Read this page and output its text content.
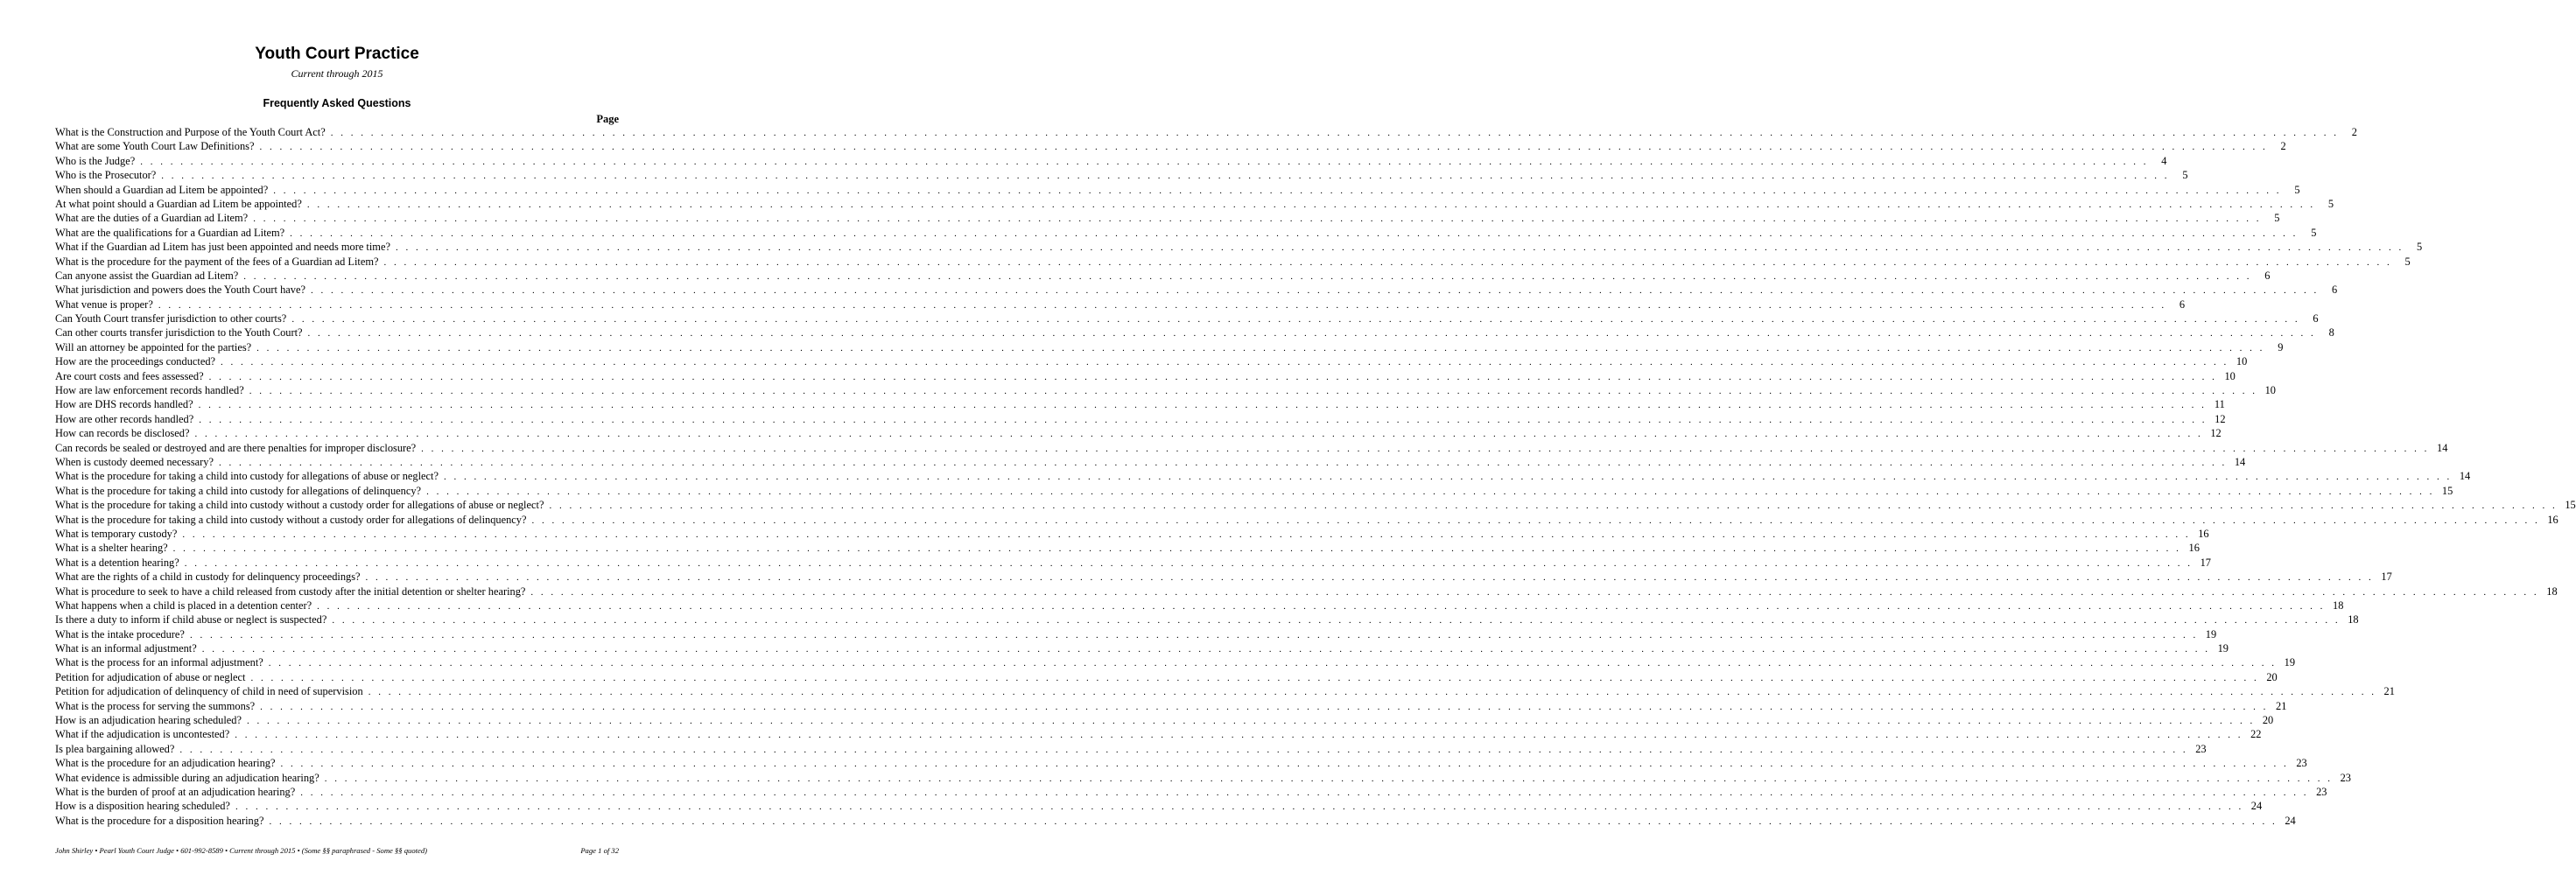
Youth Court Practice
Current through 2015
Frequently Asked Questions
Page
What is the Construction and Purpose of the Youth Court Act? . . . . . . . . . . . . . . . . . . . . . . . . . . . . . . . . . . . . . . . . . . . . . . . . . . . . . . . . . . . . . . . . . . . . . . . . . . . . . . . . . . . . . . . . . . . . . . . . . . . . . . . . . . . . . . . . . . . . . . . . . . . . . . . . . . . . . . . . . . . . . . . . . . . . . . . . . . . . . . . . . . . . . . . . . . . . . . . . . . . . . . . . . . . . . . . . . . . . . . . .	2
What are some Youth Court Law Definitions? . . . . . . . . . . . . . . . . . . . . . . . . . . . . . . . . . . . . . . . . . . . . . . . . . . . . . . . . . . . . . . . . . . . . . . . . . . . . . . . . . . . . . . . . . . . . . . . . . . . . . . . . . . . . . . . . . . . . . . . . . . . . . . . . . . . . . . . . . . . . . . . . . . . . . . . . . . . . . . . . . . . . . . . . . . . . . . . . . . . . . . . . . . . . . . . . . . . . . . . .	2
Who is the Judge? . . . . . . . . . . . . . . . . . . . . . . . . . . . . . . . . . . . . . . . . . . . . . . . . . . . . . . . . . . . . . . . . . . . . . . . . . . . . . . . . . . . . . . . . . . . . . . . . . . . . . . . . . . . . . . . . . . . . . . . . . . . . . . . . . . . . . . . . . . . . . . . . . . . . . . . . . . . . . . . . . . . . . . . . . . . . . . . . . . . . . . . . . . . . . . . . . . . . . . . .	4
Who is the Prosecutor? . . . . . . . . . . . . . . . . . . . . . . . . . . . . . . . . . . . . . . . . . . . . . . . . . . . . . . . . . . . . . . . . . . . . . . . . . . . . . . . . . . . . . . . . . . . . . . . . . . . . . . . . . . . . . . . . . . . . . . . . . . . . . . . . . . . . . . . . . . . . . . . . . . . . . . . . . . . . . . . . . . . . . . . . . . . . . . . . . . . . . . . . . . . . . . . . . . . . . . . .	5
When should a Guardian ad Litem be appointed? . . . . . . . . . . . . . . . . . . . . . . . . . . . . . . . . . . . . . . . . . . . . . . . . . . . . . . . . . . . . . . . . . . . . . . . . . . . . . . . . . . . . . . . . . . . . . . . . . . . . . . . . . . . . . . . . . . . . . . . . . . . . . . . . . . . . . . . . . . . . . . . . . . . . . . . . . . . . . . . . . . . . . . . . . . . . . . . . . . . . . . . . . . . . . . . . . . . . . . . .	5
At what point should a Guardian ad Litem be appointed? . . . . . . . . . . . . . . . . . . . . . . . . . . . . . . . . . . . . . . . . . . . . . . . . . . . . . . . . . . . . . . . . . . . . . . . . . . . . . . . . . . . . . . . . . . . . . . . . . . . . . . . . . . . . . . . . . . . . . . . . . . . . . . . . . . . . . . . . . . . . . . . . . . . . . . . . . . . . . . . . . . . . . . . . . . . . . . . . . . . . . . . . . . . . . . . . . . . . . . . .	5
What are the duties of a Guardian ad Litem? . . . . . . . . . . . . . . . . . . . . . . . . . . . . . . . . . . . . . . . . . . . . . . . . . . . . . . . . . . . . . . . . . . . . . . . . . . . . . . . . . . . . . . . . . . . . . . . . . . . . . . . . . . . . . . . . . . . . . . . . . . . . . . . . . . . . . . . . . . . . . . . . . . . . . . . . . . . . . . . . . . . . . . . . . . . . . . . . . . . . . . . . . . . . . . . . . . . . . . . .	5
What are the qualifications for a Guardian ad Litem? . . . . . . . . . . . . . . . . . . . . . . . . . . . . . . . . . . . . . . . . . . . . . . . . . . . . . . . . . . . . . . . . . . . . . . . . . . . . . . . . . . . . . . . . . . . . . . . . . . . . . . . . . . . . . . . . . . . . . . . . . . . . . . . . . . . . . . . . . . . . . . . . . . . . . . . . . . . . . . . . . . . . . . . . . . . . . . . . . . . . . . . . . . . . . . . . . . . . . . . .	5
What if the Guardian ad Litem has just been appointed and needs more time? . . . . . . . . . . . . . . . . . . . . . . . . . . . . . . . . . . . . . . . . . . . . . . . . . . . . . . . . . . . . . . . . . . . . . . . . . . . . . . . . . . . . . . . . . . . . . . . . . . . . . . . . . . . . . . . . . . . . . . . . . . . . . . . . . . . . . . . . . . . . . . . . . . . . . . . . . . . . . . . . . . . . . . . . . . . . . . . . . . . . . . . . . . . . . . . . . . . . . . . .	5
What is the procedure for the payment of the fees of a Guardian ad Litem? . . . . . . . . . . . . . . . . . . . . . . . . . . . . . . . . . . . . . . . . . . . . . . . . . . . . . . . . . . . . . . . . . . . . . . . . . . . . . . . . . . . . . . . . . . . . . . . . . . . . . . . . . . . . . . . . . . . . . . . . . . . . . . . . . . . . . . . . . . . . . . . . . . . . . . . . . . . . . . . . . . . . . . . . . . . . . . . . . . . . . . . . . . . . . . . . . . . . . . . .	5
Can anyone assist the Guardian ad Litem? . . . . . . . . . . . . . . . . . . . . . . . . . . . . . . . . . . . . . . . . . . . . . . . . . . . . . . . . . . . . . . . . . . . . . . . . . . . . . . . . . . . . . . . . . . . . . . . . . . . . . . . . . . . . . . . . . . . . . . . . . . . . . . . . . . . . . . . . . . . . . . . . . . . . . . . . . . . . . . . . . . . . . . . . . . . . . . . . . . . . . . . . . . . . . . . . . . . . . . . .	6
What jurisdiction and powers does the Youth Court have? . . . . . . . . . . . . . . . . . . . . . . . . . . . . . . . . . . . . . . . . . . . . . . . . . . . . . . . . . . . . . . . . . . . . . . . . . . . . . . . . . . . . . . . . . . . . . . . . . . . . . . . . . . . . . . . . . . . . . . . . . . . . . . . . . . . . . . . . . . . . . . . . . . . . . . . . . . . . . . . . . . . . . . . . . . . . . . . . . . . . . . . . . . . . . . . . . . . . . . . .	6
What venue is proper? . . . . . . . . . . . . . . . . . . . . . . . . . . . . . . . . . . . . . . . . . . . . . . . . . . . . . . . . . . . . . . . . . . . . . . . . . . . . . . . . . . . . . . . . . . . . . . . . . . . . . . . . . . . . . . . . . . . . . . . . . . . . . . . . . . . . . . . . . . . . . . . . . . . . . . . . . . . . . . . . . . . . . . . . . . . . . . . . . . . . . . . . . . . . . . . . . . . . . . . .	6
Can Youth Court transfer jurisdiction to other courts? . . . . . . . . . . . . . . . . . . . . . . . . . . . . . . . . . . . . . . . . . . . . . . . . . . . . . . . . . . . . . . . . . . . . . . . . . . . . . . . . . . . . . . . . . . . . . . . . . . . . . . . . . . . . . . . . . . . . . . . . . . . . . . . . . . . . . . . . . . . . . . . . . . . . . . . . . . . . . . . . . . . . . . . . . . . . . . . . . . . . . . . . . . . . . . . . . . . . . . . .	6
Can other courts transfer jurisdiction to the Youth Court? . . . . . . . . . . . . . . . . . . . . . . . . . . . . . . . . . . . . . . . . . . . . . . . . . . . . . . . . . . . . . . . . . . . . . . . . . . . . . . . . . . . . . . . . . . . . . . . . . . . . . . . . . . . . . . . . . . . . . . . . . . . . . . . . . . . . . . . . . . . . . . . . . . . . . . . . . . . . . . . . . . . . . . . . . . . . . . . . . . . . . . . . . . . . . . . . . . . . . . . .	8
Will an attorney be appointed for the parties? . . . . . . . . . . . . . . . . . . . . . . . . . . . . . . . . . . . . . . . . . . . . . . . . . . . . . . . . . . . . . . . . . . . . . . . . . . . . . . . . . . . . . . . . . . . . . . . . . . . . . . . . . . . . . . . . . . . . . . . . . . . . . . . . . . . . . . . . . . . . . . . . . . . . . . . . . . . . . . . . . . . . . . . . . . . . . . . . . . . . . . . . . . . . . . . . . . . . . . . .	9
How are the proceedings conducted? . . . . . . . . . . . . . . . . . . . . . . . . . . . . . . . . . . . . . . . . . . . . . . . . . . . . . . . . . . . . . . . . . . . . . . . . . . . . . . . . . . . . . . . . . . . . . . . . . . . . . . . . . . . . . . . . . . . . . . . . . . . . . . . . . . . . . . . . . . . . . . . . . . . . . . . . . . . . . . . . . . . . . . . . . . . . . . . . . . . . . . . . . . . . . . . . . . . . . . . . 10
Are court costs and fees assessed? . . . . . . . . . . . . . . . . . . . . . . . . . . . . . . . . . . . . . . . . . . . . . . . . . . . . . . . . . . . . . . . . . . . . . . . . . . . . . . . . . . . . . . . . . . . . . . . . . . . . . . . . . . . . . . . . . . . . . . . . . . . . . . . . . . . . . . . . . . . . . . . . . . . . . . . . . . . . . . . . . . . . . . . . . . . . . . . . . . . . . . . . . . . . . . . . . . . . . . . . 10
How are law enforcement records handled? . . . . . . . . . . . . . . . . . . . . . . . . . . . . . . . . . . . . . . . . . . . . . . . . . . . . . . . . . . . . . . . . . . . . . . . . . . . . . . . . . . . . . . . . . . . . . . . . . . . . . . . . . . . . . . . . . . . . . . . . . . . . . . . . . . . . . . . . . . . . . . . . . . . . . . . . . . . . . . . . . . . . . . . . . . . . . . . . . . . . . . . . . . . . . . . . . . . . . . . . 10
How are DHS records handled? . . . . . . . . . . . . . . . . . . . . . . . . . . . . . . . . . . . . . . . . . . . . . . . . . . . . . . . . . . . . . . . . . . . . . . . . . . . . . . . . . . . . . . . . . . . . . . . . . . . . . . . . . . . . . . . . . . . . . . . . . . . . . . . . . . . . . . . . . . . . . . . . . . . . . . . . . . . . . . . . . . . . . . . . . . . . . . . . . . . . . . . . . . . . . . . . . . . . . . . . 11
How are other records handled? . . . . . . . . . . . . . . . . . . . . . . . . . . . . . . . . . . . . . . . . . . . . . . . . . . . . . . . . . . . . . . . . . . . . . . . . . . . . . . . . . . . . . . . . . . . . . . . . . . . . . . . . . . . . . . . . . . . . . . . . . . . . . . . . . . . . . . . . . . . . . . . . . . . . . . . . . . . . . . . . . . . . . . . . . . . . . . . . . . . . . . . . . . . . . . . . . . . . . . . . 12
How can records be disclosed? . . . . . . . . . . . . . . . . . . . . . . . . . . . . . . . . . . . . . . . . . . . . . . . . . . . . . . . . . . . . . . . . . . . . . . . . . . . . . . . . . . . . . . . . . . . . . . . . . . . . . . . . . . . . . . . . . . . . . . . . . . . . . . . . . . . . . . . . . . . . . . . . . . . . . . . . . . . . . . . . . . . . . . . . . . . . . . . . . . . . . . . . . . . . . . . . . . . . . . . . 12
Can records be sealed or destroyed and are there penalties for improper disclosure? . . . . . . . . . . . . . . . . . . . . . . . . . . . . . . . . . . . . . . . . . . . . . . . . . . . . . . . . . . . . . . . . . . . . . . . . . . . . . . . . . . . . . . . . . . . . . . . . . . . . . . . . . . . . . . . . . . . . . . . . . . . . . . . . . . . . . . . . . . . . . . . . . . . . . . . . . . . . . . . . . . . . . . . . . . . . . . . . . . . . . . . . . . . . . . . . . . . . . . . . 14
When is custody deemed necessary? . . . . . . . . . . . . . . . . . . . . . . . . . . . . . . . . . . . . . . . . . . . . . . . . . . . . . . . . . . . . . . . . . . . . . . . . . . . . . . . . . . . . . . . . . . . . . . . . . . . . . . . . . . . . . . . . . . . . . . . . . . . . . . . . . . . . . . . . . . . . . . . . . . . . . . . . . . . . . . . . . . . . . . . . . . . . . . . . . . . . . . . . . . . . . . . . . . . . . . . . 14
What is the procedure for taking a child into custody for allegations of abuse or neglect? . . . . . . . . . . . . . . . . . . . . . . . . . . . . . . . . . . . . . . . . . . . . . . . . . . . . . . . . . . . . . . . . . . . . . . . . . . . . . . . . . . . . . . . . . . . . . . . . . . . . . . . . . . . . . . . . . . . . . . . . . . . . . . . . . . . . . . . . . . . . . . . . . . . . . . . . . . . . . . . . . . . . . . . . . . . . . . . . . . . . . . . . . . . . . . . . . . . . . . . . 14
What is the procedure for taking a child into custody for allegations of delinquency? . . . . . . . . . . . . . . . . . . . . . . . . . . . . . . . . . . . . . . . . . . . . . . . . . . . . . . . . . . . . . . . . . . . . . . . . . . . . . . . . . . . . . . . . . . . . . . . . . . . . . . . . . . . . . . . . . . . . . . . . . . . . . . . . . . . . . . . . . . . . . . . . . . . . . . . . . . . . . . . . . . . . . . . . . . . . . . . . . . . . . . . . . . . . . . . . . . . . . . . . 15
What is the procedure for taking a child into custody without a custody order for allegations of abuse or neglect? . . . . . . . . . . . . . . . . . . . . . . . . . . . . . . . . . . . . . . . . . . . . . . . . . . . . . . . . . . . . . . . . . . . . . . . . . . . . . . . . . . . . . . . . . . . . . . . . . . . . . . . . . . . . . . . . . . . . . . . . . . . . . . . . . . . . . . . . . . . . . . . . . . . . . . . . . . . . . . . . . . . . . . . . . . . . . . . . . . . . . . . . . . . . . . . . . . . . . . . . 15
What is the procedure for taking a child into custody without a custody order for allegations of delinquency? . . . . . . . . . . . . . . . . . . . . . . . . . . . . . . . . . . . . . . . . . . . . . . . . . . . . . . . . . . . . . . . . . . . . . . . . . . . . . . . . . . . . . . . . . . . . . . . . . . . . . . . . . . . . . . . . . . . . . . . . . . . . . . . . . . . . . . . . . . . . . . . . . . . . . . . . . . . . . . . . . . . . . . . . . . . . . . . . . . . . . . . . . . . . . . . . . . . . . . . . 16
What is temporary custody? . . . . . . . . . . . . . . . . . . . . . . . . . . . . . . . . . . . . . . . . . . . . . . . . . . . . . . . . . . . . . . . . . . . . . . . . . . . . . . . . . . . . . . . . . . . . . . . . . . . . . . . . . . . . . . . . . . . . . . . . . . . . . . . . . . . . . . . . . . . . . . . . . . . . . . . . . . . . . . . . . . . . . . . . . . . . . . . . . . . . . . . . . . . . . . . . . . . . . . . . 16
What is a shelter hearing? . . . . . . . . . . . . . . . . . . . . . . . . . . . . . . . . . . . . . . . . . . . . . . . . . . . . . . . . . . . . . . . . . . . . . . . . . . . . . . . . . . . . . . . . . . . . . . . . . . . . . . . . . . . . . . . . . . . . . . . . . . . . . . . . . . . . . . . . . . . . . . . . . . . . . . . . . . . . . . . . . . . . . . . . . . . . . . . . . . . . . . . . . . . . . . . . . . . . . . . . 16
What is a detention hearing? . . . . . . . . . . . . . . . . . . . . . . . . . . . . . . . . . . . . . . . . . . . . . . . . . . . . . . . . . . . . . . . . . . . . . . . . . . . . . . . . . . . . . . . . . . . . . . . . . . . . . . . . . . . . . . . . . . . . . . . . . . . . . . . . . . . . . . . . . . . . . . . . . . . . . . . . . . . . . . . . . . . . . . . . . . . . . . . . . . . . . . . . . . . . . . . . . . . . . . . . 17
What are the rights of a child in custody for delinquency proceedings? . . . . . . . . . . . . . . . . . . . . . . . . . . . . . . . . . . . . . . . . . . . . . . . . . . . . . . . . . . . . . . . . . . . . . . . . . . . . . . . . . . . . . . . . . . . . . . . . . . . . . . . . . . . . . . . . . . . . . . . . . . . . . . . . . . . . . . . . . . . . . . . . . . . . . . . . . . . . . . . . . . . . . . . . . . . . . . . . . . . . . . . . . . . . . . . . . . . . . . . . 17
What is procedure to seek to have a child released from custody after the initial detention or shelter hearing? . . . . . . . . . . . . . . . . . . . . . . . . . . . . . . . . . . . . . . . . . . . . . . . . . . . . . . . . . . . . . . . . . . . . . . . . . . . . . . . . . . . . . . . . . . . . . . . . . . . . . . . . . . . . . . . . . . . . . . . . . . . . . . . . . . . . . . . . . . . . . . . . . . . . . . . . . . . . . . . . . . . . . . . . . . . . . . . . . . . . . . . . . . . . . . . . . . . . . . . . 18
What happens when a child is placed in a detention center? . . . . . . . . . . . . . . . . . . . . . . . . . . . . . . . . . . . . . . . . . . . . . . . . . . . . . . . . . . . . . . . . . . . . . . . . . . . . . . . . . . . . . . . . . . . . . . . . . . . . . . . . . . . . . . . . . . . . . . . . . . . . . . . . . . . . . . . . . . . . . . . . . . . . . . . . . . . . . . . . . . . . . . . . . . . . . . . . . . . . . . . . . . . . . . . . . . . . . . . . 18
Is there a duty to inform if child abuse or neglect is suspected? . . . . . . . . . . . . . . . . . . . . . . . . . . . . . . . . . . . . . . . . . . . . . . . . . . . . . . . . . . . . . . . . . . . . . . . . . . . . . . . . . . . . . . . . . . . . . . . . . . . . . . . . . . . . . . . . . . . . . . . . . . . . . . . . . . . . . . . . . . . . . . . . . . . . . . . . . . . . . . . . . . . . . . . . . . . . . . . . . . . . . . . . . . . . . . . . . . . . . . . . 18
What is the intake procedure? . . . . . . . . . . . . . . . . . . . . . . . . . . . . . . . . . . . . . . . . . . . . . . . . . . . . . . . . . . . . . . . . . . . . . . . . . . . . . . . . . . . . . . . . . . . . . . . . . . . . . . . . . . . . . . . . . . . . . . . . . . . . . . . . . . . . . . . . . . . . . . . . . . . . . . . . . . . . . . . . . . . . . . . . . . . . . . . . . . . . . . . . . . . . . . . . . . . . . . . . 19
What is an informal adjustment? . . . . . . . . . . . . . . . . . . . . . . . . . . . . . . . . . . . . . . . . . . . . . . . . . . . . . . . . . . . . . . . . . . . . . . . . . . . . . . . . . . . . . . . . . . . . . . . . . . . . . . . . . . . . . . . . . . . . . . . . . . . . . . . . . . . . . . . . . . . . . . . . . . . . . . . . . . . . . . . . . . . . . . . . . . . . . . . . . . . . . . . . . . . . . . . . . . . . . . . . 19
What is the process for an informal adjustment? . . . . . . . . . . . . . . . . . . . . . . . . . . . . . . . . . . . . . . . . . . . . . . . . . . . . . . . . . . . . . . . . . . . . . . . . . . . . . . . . . . . . . . . . . . . . . . . . . . . . . . . . . . . . . . . . . . . . . . . . . . . . . . . . . . . . . . . . . . . . . . . . . . . . . . . . . . . . . . . . . . . . . . . . . . . . . . . . . . . . . . . . . . . . . . . . . . . . . . . . 19
Petition for adjudication of abuse or neglect . . . . . . . . . . . . . . . . . . . . . . . . . . . . . . . . . . . . . . . . . . . . . . . . . . . . . . . . . . . . . . . . . . . . . . . . . . . . . . . . . . . . . . . . . . . . . . . . . . . . . . . . . . . . . . . . . . . . . . . . . . . . . . . . . . . . . . . . . . . . . . . . . . . . . . . . . . . . . . . . . . . . . . . . . . . . . . . . . . . . . . . . . . . . . . . . . . . . . . . . 20
Petition for adjudication of delinquency of child in need of supervision . . . . . . . . . . . . . . . . . . . . . . . . . . . . . . . . . . . . . . . . . . . . . . . . . . . . . . . . . . . . . . . . . . . . . . . . . . . . . . . . . . . . . . . . . . . . . . . . . . . . . . . . . . . . . . . . . . . . . . . . . . . . . . . . . . . . . . . . . . . . . . . . . . . . . . . . . . . . . . . . . . . . . . . . . . . . . . . . . . . . . . . . . . . . . . . . . . . . . . . . 21
What is the process for serving the summons? . . . . . . . . . . . . . . . . . . . . . . . . . . . . . . . . . . . . . . . . . . . . . . . . . . . . . . . . . . . . . . . . . . . . . . . . . . . . . . . . . . . . . . . . . . . . . . . . . . . . . . . . . . . . . . . . . . . . . . . . . . . . . . . . . . . . . . . . . . . . . . . . . . . . . . . . . . . . . . . . . . . . . . . . . . . . . . . . . . . . . . . . . . . . . . . . . . . . . . . . 21
How is an adjudication hearing scheduled? . . . . . . . . . . . . . . . . . . . . . . . . . . . . . . . . . . . . . . . . . . . . . . . . . . . . . . . . . . . . . . . . . . . . . . . . . . . . . . . . . . . . . . . . . . . . . . . . . . . . . . . . . . . . . . . . . . . . . . . . . . . . . . . . . . . . . . . . . . . . . . . . . . . . . . . . . . . . . . . . . . . . . . . . . . . . . . . . . . . . . . . . . . . . . . . . . . . . . . . . 20
What if the adjudication is uncontested? . . . . . . . . . . . . . . . . . . . . . . . . . . . . . . . . . . . . . . . . . . . . . . . . . . . . . . . . . . . . . . . . . . . . . . . . . . . . . . . . . . . . . . . . . . . . . . . . . . . . . . . . . . . . . . . . . . . . . . . . . . . . . . . . . . . . . . . . . . . . . . . . . . . . . . . . . . . . . . . . . . . . . . . . . . . . . . . . . . . . . . . . . . . . . . . . . . . . . . . . 22
Is plea bargaining allowed? . . . . . . . . . . . . . . . . . . . . . . . . . . . . . . . . . . . . . . . . . . . . . . . . . . . . . . . . . . . . . . . . . . . . . . . . . . . . . . . . . . . . . . . . . . . . . . . . . . . . . . . . . . . . . . . . . . . . . . . . . . . . . . . . . . . . . . . . . . . . . . . . . . . . . . . . . . . . . . . . . . . . . . . . . . . . . . . . . . . . . . . . . . . . . . . . . . . . . . . . 23
What is the procedure for an adjudication hearing? . . . . . . . . . . . . . . . . . . . . . . . . . . . . . . . . . . . . . . . . . . . . . . . . . . . . . . . . . . . . . . . . . . . . . . . . . . . . . . . . . . . . . . . . . . . . . . . . . . . . . . . . . . . . . . . . . . . . . . . . . . . . . . . . . . . . . . . . . . . . . . . . . . . . . . . . . . . . . . . . . . . . . . . . . . . . . . . . . . . . . . . . . . . . . . . . . . . . . . . . 23
What evidence is admissible during an adjudication hearing? . . . . . . . . . . . . . . . . . . . . . . . . . . . . . . . . . . . . . . . . . . . . . . . . . . . . . . . . . . . . . . . . . . . . . . . . . . . . . . . . . . . . . . . . . . . . . . . . . . . . . . . . . . . . . . . . . . . . . . . . . . . . . . . . . . . . . . . . . . . . . . . . . . . . . . . . . . . . . . . . . . . . . . . . . . . . . . . . . . . . . . . . . . . . . . . . . . . . . . . . 23
What is the burden of proof at an adjudication hearing? . . . . . . . . . . . . . . . . . . . . . . . . . . . . . . . . . . . . . . . . . . . . . . . . . . . . . . . . . . . . . . . . . . . . . . . . . . . . . . . . . . . . . . . . . . . . . . . . . . . . . . . . . . . . . . . . . . . . . . . . . . . . . . . . . . . . . . . . . . . . . . . . . . . . . . . . . . . . . . . . . . . . . . . . . . . . . . . . . . . . . . . . . . . . . . . . . . . . . . . . 23
How is a disposition hearing scheduled? . . . . . . . . . . . . . . . . . . . . . . . . . . . . . . . . . . . . . . . . . . . . . . . . . . . . . . . . . . . . . . . . . . . . . . . . . . . . . . . . . . . . . . . . . . . . . . . . . . . . . . . . . . . . . . . . . . . . . . . . . . . . . . . . . . . . . . . . . . . . . . . . . . . . . . . . . . . . . . . . . . . . . . . . . . . . . . . . . . . . . . . . . . . . . . . . . . . . . . . . 24
What is the procedure for a disposition hearing? . . . . . . . . . . . . . . . . . . . . . . . . . . . . . . . . . . . . . . . . . . . . . . . . . . . . . . . . . . . . . . . . . . . . . . . . . . . . . . . . . . . . . . . . . . . . . . . . . . . . . . . . . . . . . . . . . . . . . . . . . . . . . . . . . . . . . . . . . . . . . . . . . . . . . . . . . . . . . . . . . . . . . . . . . . . . . . . . . . . . . . . . . . . . . . . . . . . . . . . . 24
John Shirley • Pearl Youth Court Judge • 601-992-8589 • Current through 2015 • (Some §§ paraphrased - Some §§ quoted)	Page 1 of 32
